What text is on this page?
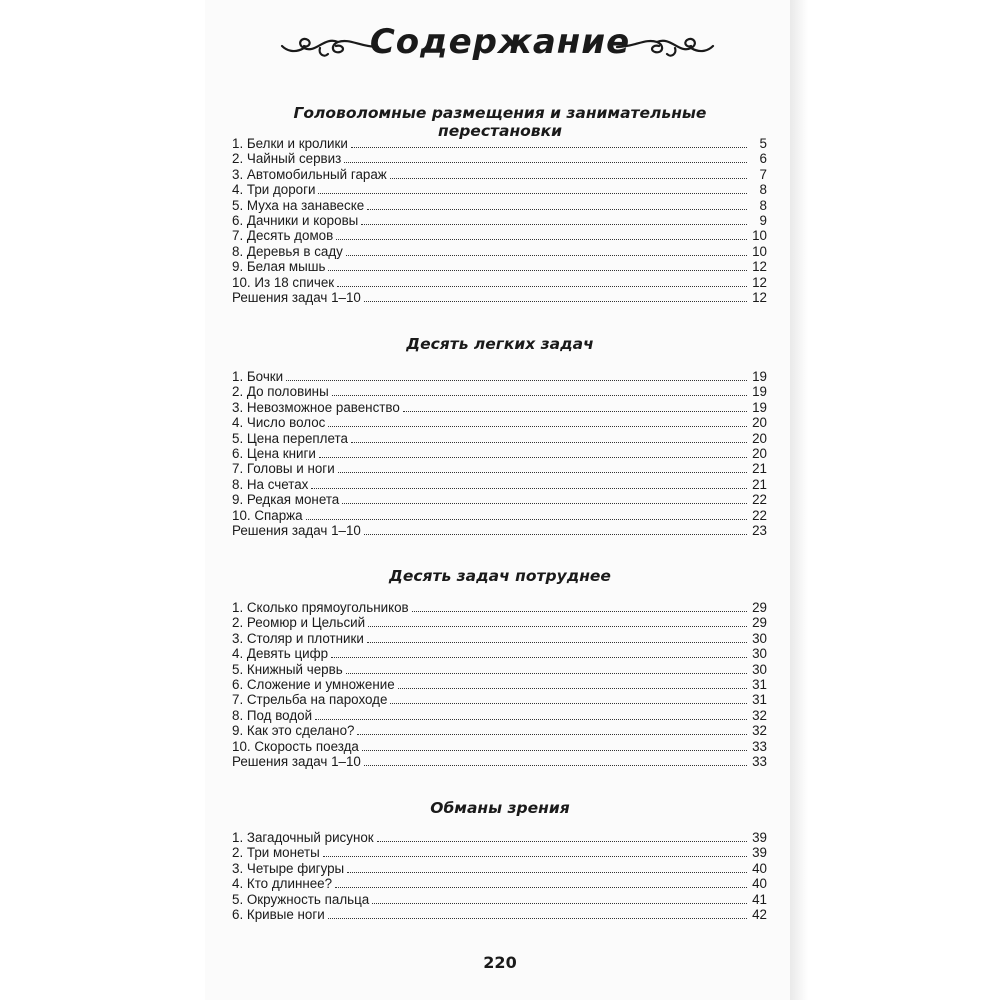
Содержание
Головоломные размещения и занимательные перестановки
1. Белки и кролики	5
2. Чайный сервиз	6
3. Автомобильный гараж	7
4. Три дороги	8
5. Муха на занавеске	8
6. Дачники и коровы	9
7. Десять домов	10
8. Деревья в саду	10
9. Белая мышь	12
10. Из 18 спичек	12
Решения задач 1–10	12
Десять легких задач
1. Бочки	19
2. До половины	19
3. Невозможное равенство	19
4. Число волос	20
5. Цена переплета	20
6. Цена книги	20
7. Головы и ноги	21
8. На счетах	21
9. Редкая монета	22
10. Спаржа	22
Решения задач 1–10	23
Десять задач потруднее
1. Сколько прямоугольников	29
2. Реомюр и Цельсий	29
3. Столяр и плотники	30
4. Девять цифр	30
5. Книжный червь	30
6. Сложение и умножение	31
7. Стрельба на пароходе	31
8. Под водой	32
9. Как это сделано?	32
10. Скорость поезда	33
Решения задач 1–10	33
Обманы зрения
1. Загадочный рисунок	39
2. Три монеты	39
3. Четыре фигуры	40
4. Кто длиннее?	40
5. Окружность пальца	41
6. Кривые ноги	42
220
